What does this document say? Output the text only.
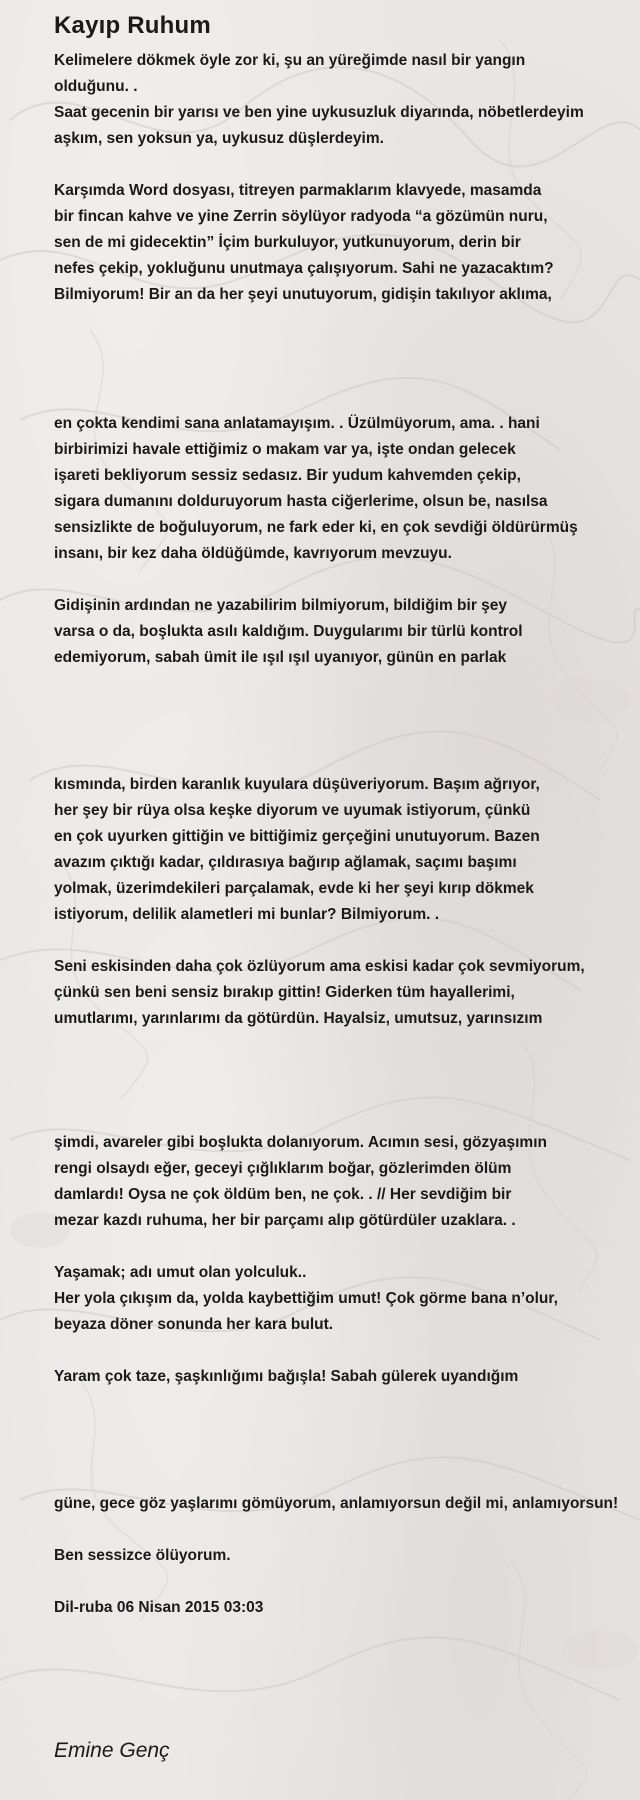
Kayıp Ruhum
Kelimelere dökmek öyle zor ki, şu an yüreğimde nasıl bir yangın
olduğunu. .
Saat gecenin bir yarısı ve ben yine uykusuzluk diyarında, nöbetlerdeyim
aşkım, sen yoksun ya, uykusuz düşlerdeyim.
Karşımda Word dosyası, titreyen parmaklarım klavyede, masamda
bir fincan kahve ve yine Zerrin söylüyor radyoda “a gözümün nuru,
sen de mi gidecektin” İçim burkuluyor, yutkunuyorum, derin bir
nefes çekip, yokluğunu unutmaya çalışıyorum. Sahi ne yazacaktım?
Bilmiyorum! Bir an da her şeyi unutuyorum, gidişin takılıyor aklıma,
en çokta kendimi sana anlatamayışım. . Üzülmüyorum, ama. . hani
birbirimizi havale ettiğimiz o makam var ya, işte ondan gelecek
işareti bekliyorum sessiz sedasız. Bir yudum kahvemden çekip,
sigara dumanını dolduruyorum hasta ciğerlerime, olsun be, nasılsa
sensizlikte de boğuluyorum, ne fark eder ki, en çok sevdiği öldürürmüş
insanı, bir kez daha öldüğümde, kavrıyorum mevzuyu.
Gidişinin ardından ne yazabilirim bilmiyorum, bildiğim bir şey
varsa o da, boşlukta asılı kaldığım. Duygularımı bir türlü kontrol
edemiyorum, sabah ümit ile ışıl ışıl uyanıyor, günün en parlak
kısmında, birden karanlık kuyulara düşüveriyorum. Başım ağrıyor,
her şey bir rüya olsa keşke diyorum ve uyumak istiyorum, çünkü
en çok uyurken gittiğin ve bittiğimiz gerçeğini unutuyorum. Bazen
avazım çıktığı kadar, çıldırasıya bağırıp ağlamak, saçımı başımı
yolmak, üzerimdekileri parçalamak, evde ki her şeyi kırıp dökmek
istiyorum, delilik alametleri mi bunlar? Bilmiyorum. .
Seni eskisinden daha çok özlüyorum ama eskisi kadar çok sevmiyorum,
çünkü sen beni sensiz bırakıp gittin! Giderken tüm hayallerimi,
umutlarımı, yarınlarımı da götürdün. Hayalsiz, umutsuz, yarınsızım
şimdi, avareler gibi boşlukta dolanıyorum. Acımın sesi, gözyaşımın
rengi olsaydı eğer, geceyi çığlıklarım boğar, gözlerimden ölüm
damlardı! Oysa ne çok öldüm ben, ne çok. . // Her sevdiğim bir
mezar kazdı ruhuma, her bir parçamı alıp götürdüler uzaklara. .
Yaşamak; adı umut olan yolculuk..
Her yola çıkışım da, yolda kaybettiğim umut! Çok görme bana n’olur,
beyaza döner sonunda her kara bulut.
Yaram çok taze, şaşkınlığımı bağışla! Sabah gülerek uyandığım
güne, gece göz yaşlarımı gömüyorum, anlamıyorsun değil mi, anlamıyorsun!
Ben sessizce ölüyorum.
Dil-ruba 06 Nisan 2015 03:03
Emine Genç
